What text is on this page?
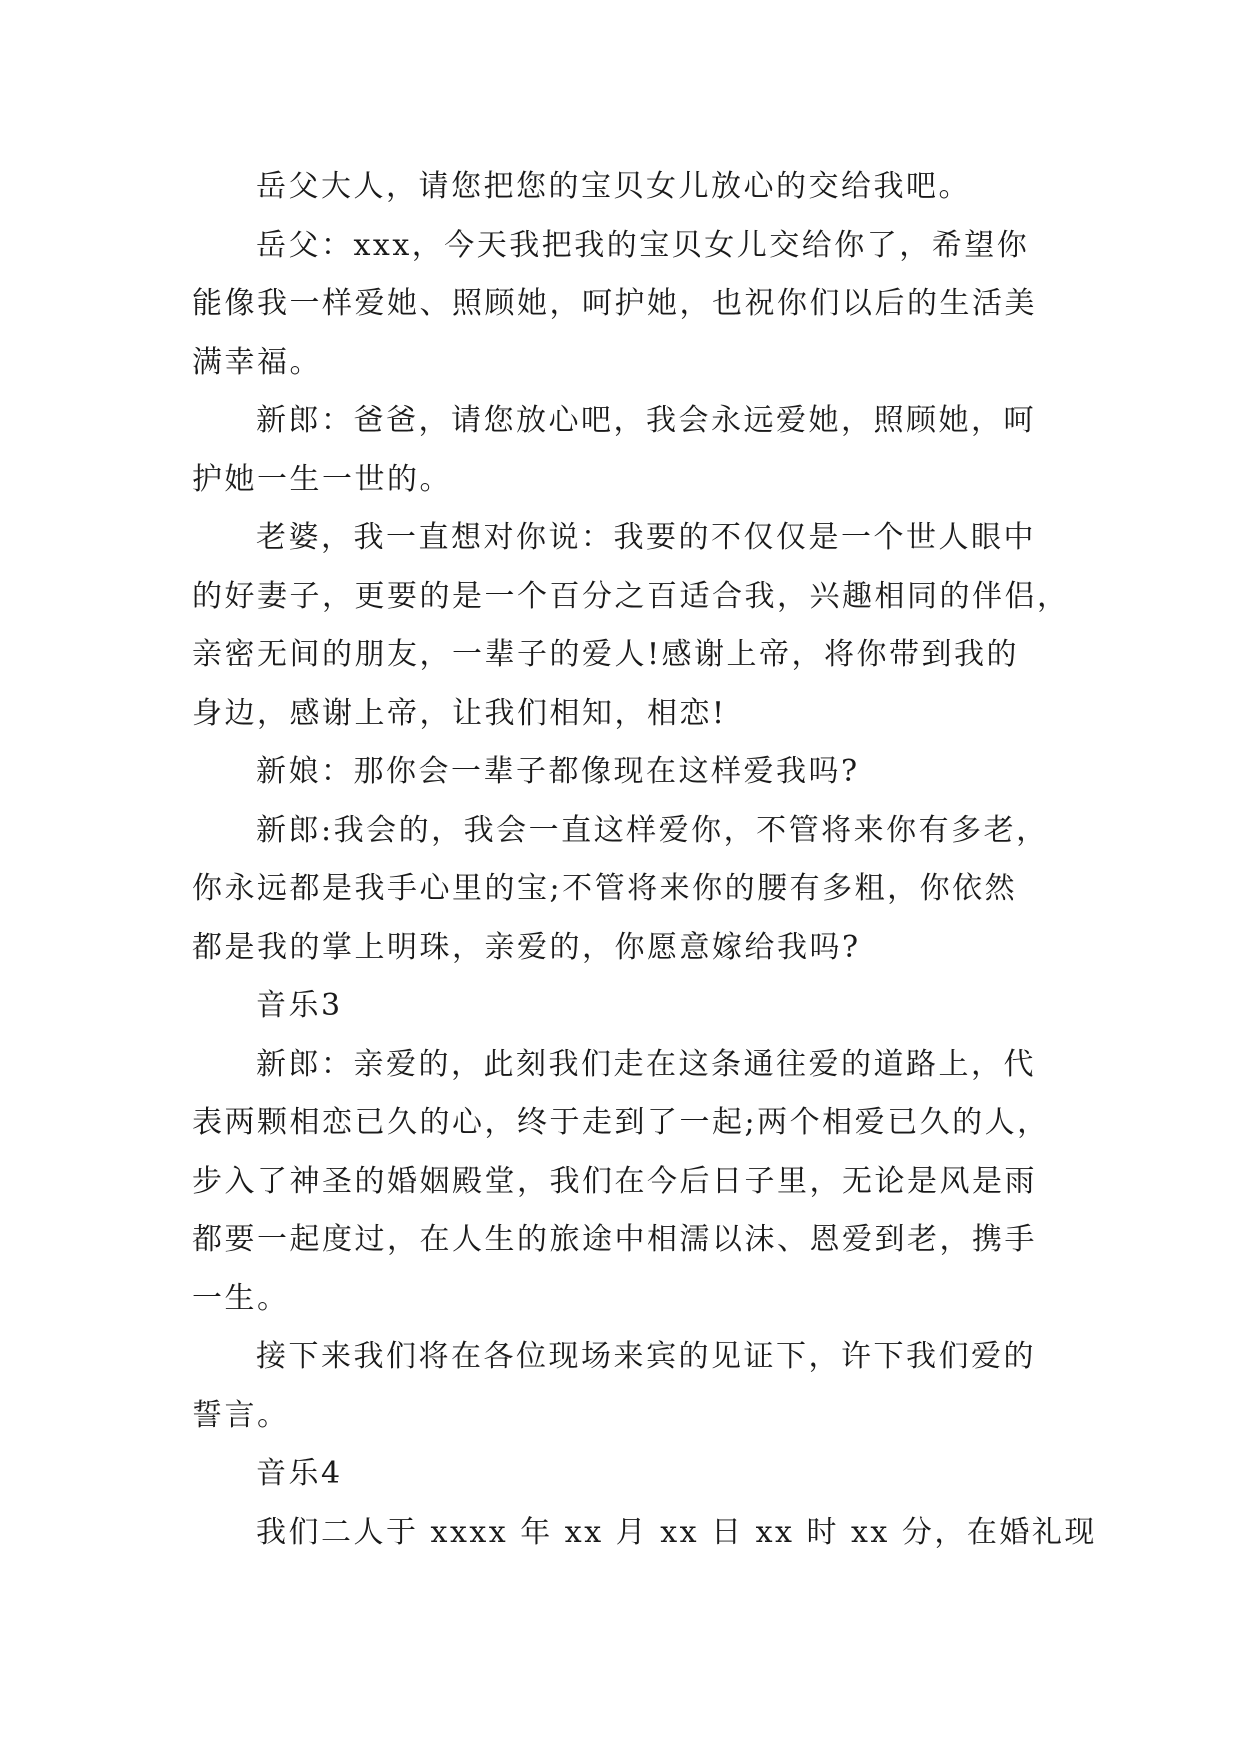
岳父大人，请您把您的宝贝女儿放心的交给我吧。
岳父：xxx，今天我把我的宝贝女儿交给你了，希望你
能像我一样爱她、照顾她，呵护她，也祝你们以后的生活美
满幸福。
新郎：爸爸，请您放心吧，我会永远爱她，照顾她，呵
护她一生一世的。
老婆，我一直想对你说：我要的不仅仅是一个世人眼中
的好妻子，更要的是一个百分之百适合我，兴趣相同的伴侣，
亲密无间的朋友，一辈子的爱人!感谢上帝，将你带到我的
身边，感谢上帝，让我们相知，相恋!
新娘：那你会一辈子都像现在这样爱我吗?
新郎:我会的，我会一直这样爱你，不管将来你有多老，
你永远都是我手心里的宝;不管将来你的腰有多粗，你依然
都是我的掌上明珠，亲爱的，你愿意嫁给我吗?
音乐3
新郎：亲爱的，此刻我们走在这条通往爱的道路上，代
表两颗相恋已久的心，终于走到了一起;两个相爱已久的人，
步入了神圣的婚姻殿堂，我们在今后日子里，无论是风是雨
都要一起度过，在人生的旅途中相濡以沫、恩爱到老，携手
一生。
接下来我们将在各位现场来宾的见证下，许下我们爱的
誓言。
音乐4
我们二人于 xxxx 年 xx 月 xx 日 xx 时 xx 分，在婚礼现
